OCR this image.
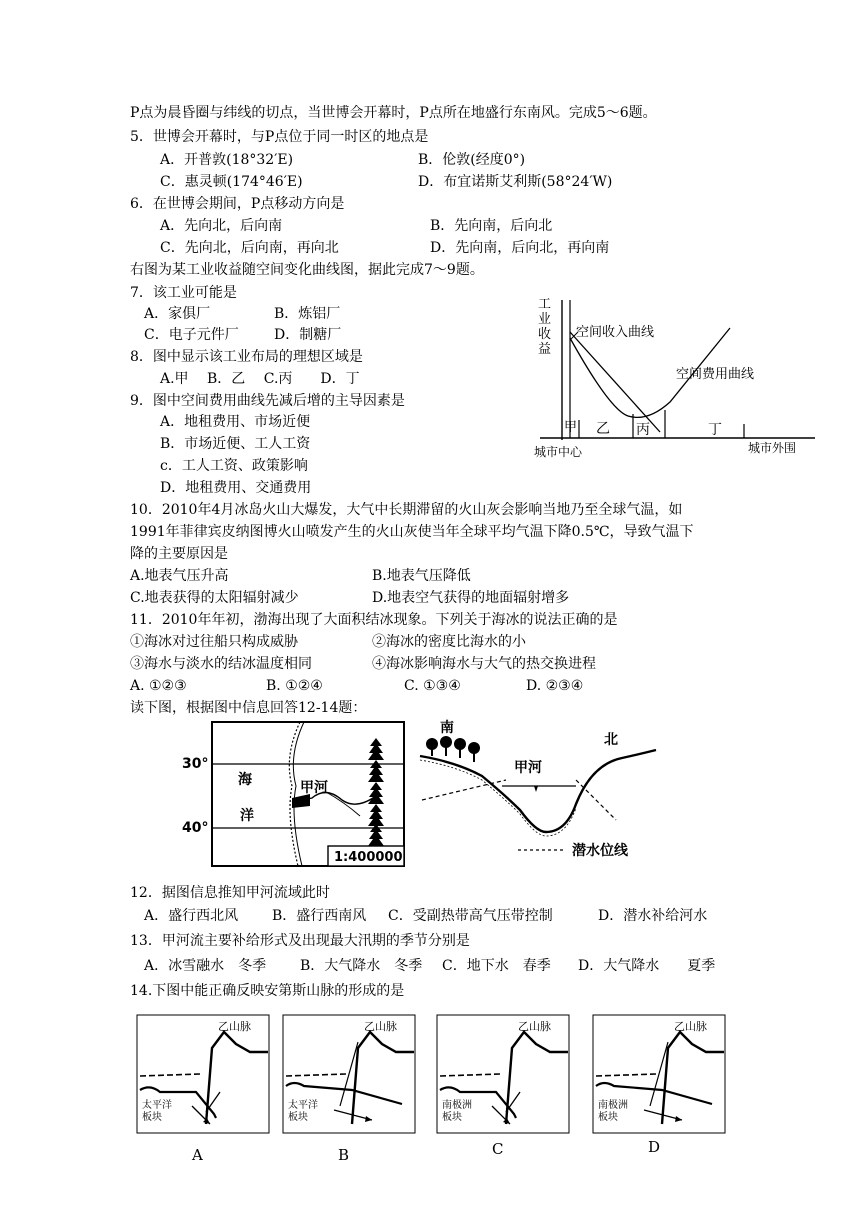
P点为晨昏圈与纬线的切点，当世博会开幕时，P点所在地盛行东南风。完成5～6题。
5．世博会开幕时，与P点位于同一时区的地点是
A．开普敦(18°32′E)	B．伦敦(经度0°)
C．惠灵顿(174°46′E)	D．布宜诺斯艾利斯(58°24′W)
6．在世博会期间，P点移动方向是
A．先向北，后向南	B．先向南，后向北
C．先向北，后向南，再向北	D．先向南，后向北，再向南
右图为某工业收益随空间变化曲线图，据此完成7～9题。
7．该工业可能是
A．家俱厂	B．炼铝厂
C．电子元件厂	D．制糖厂
8．图中显示该工业布局的理想区域是
A.甲　 B．乙　 C.丙　　D．丁
9．图中空间费用曲线先减后增的主导因素是
A．地租费用、市场近便
B．市场近便、工人工资
c．工人工资、政策影响
D．地租费用、交通费用
10．2010年4月冰岛火山大爆发，大气中长期滞留的火山灰会影响当地乃至全球气温，如
1991年菲律宾皮纳图博火山喷发产生的火山灰使当年全球平均气温下降0.5℃，导致气温下
降的主要原因是
A.地表气压升高	B.地表气压降低
C.地表获得的太阳辐射减少	D.地表空气获得的地面辐射增多
11．2010年年初，渤海出现了大面积结冰现象。下列关于海冰的说法正确的是
①海冰对过往船只构成威胁	②海冰的密度比海水的小
③海水与淡水的结冰温度相同	④海冰影响海水与大气的热交换进程
A. ①②③	B. ①②④	C. ①③④	D. ②③④
读下图，根据图中信息回答12-14题：
12．据图信息推知甲河流域此时
A．盛行西北风 B．盛行西南风 C．受副热带高气压带控制	D．潜水补给河水
13．甲河流主要补给形式及出现最大汛期的季节分别是
A．冰雪融水　冬季 B．大气降水　冬季 C．地下水　春季 D．大气降水　　夏季
14.下图中能正确反映安第斯山脉的形成的是
工业收益
空间收入曲线
空间费用曲线
甲 乙 丙	丁
城市中心	城市外围
30°
40°
海
洋
甲河
1:400000
南
北
甲河
潜水位线
乙山脉
太平洋
板块
A
乙山脉
太平洋
板块
B
乙山脉
南极洲
板块
C
乙山脉
南极洲
板块
D
